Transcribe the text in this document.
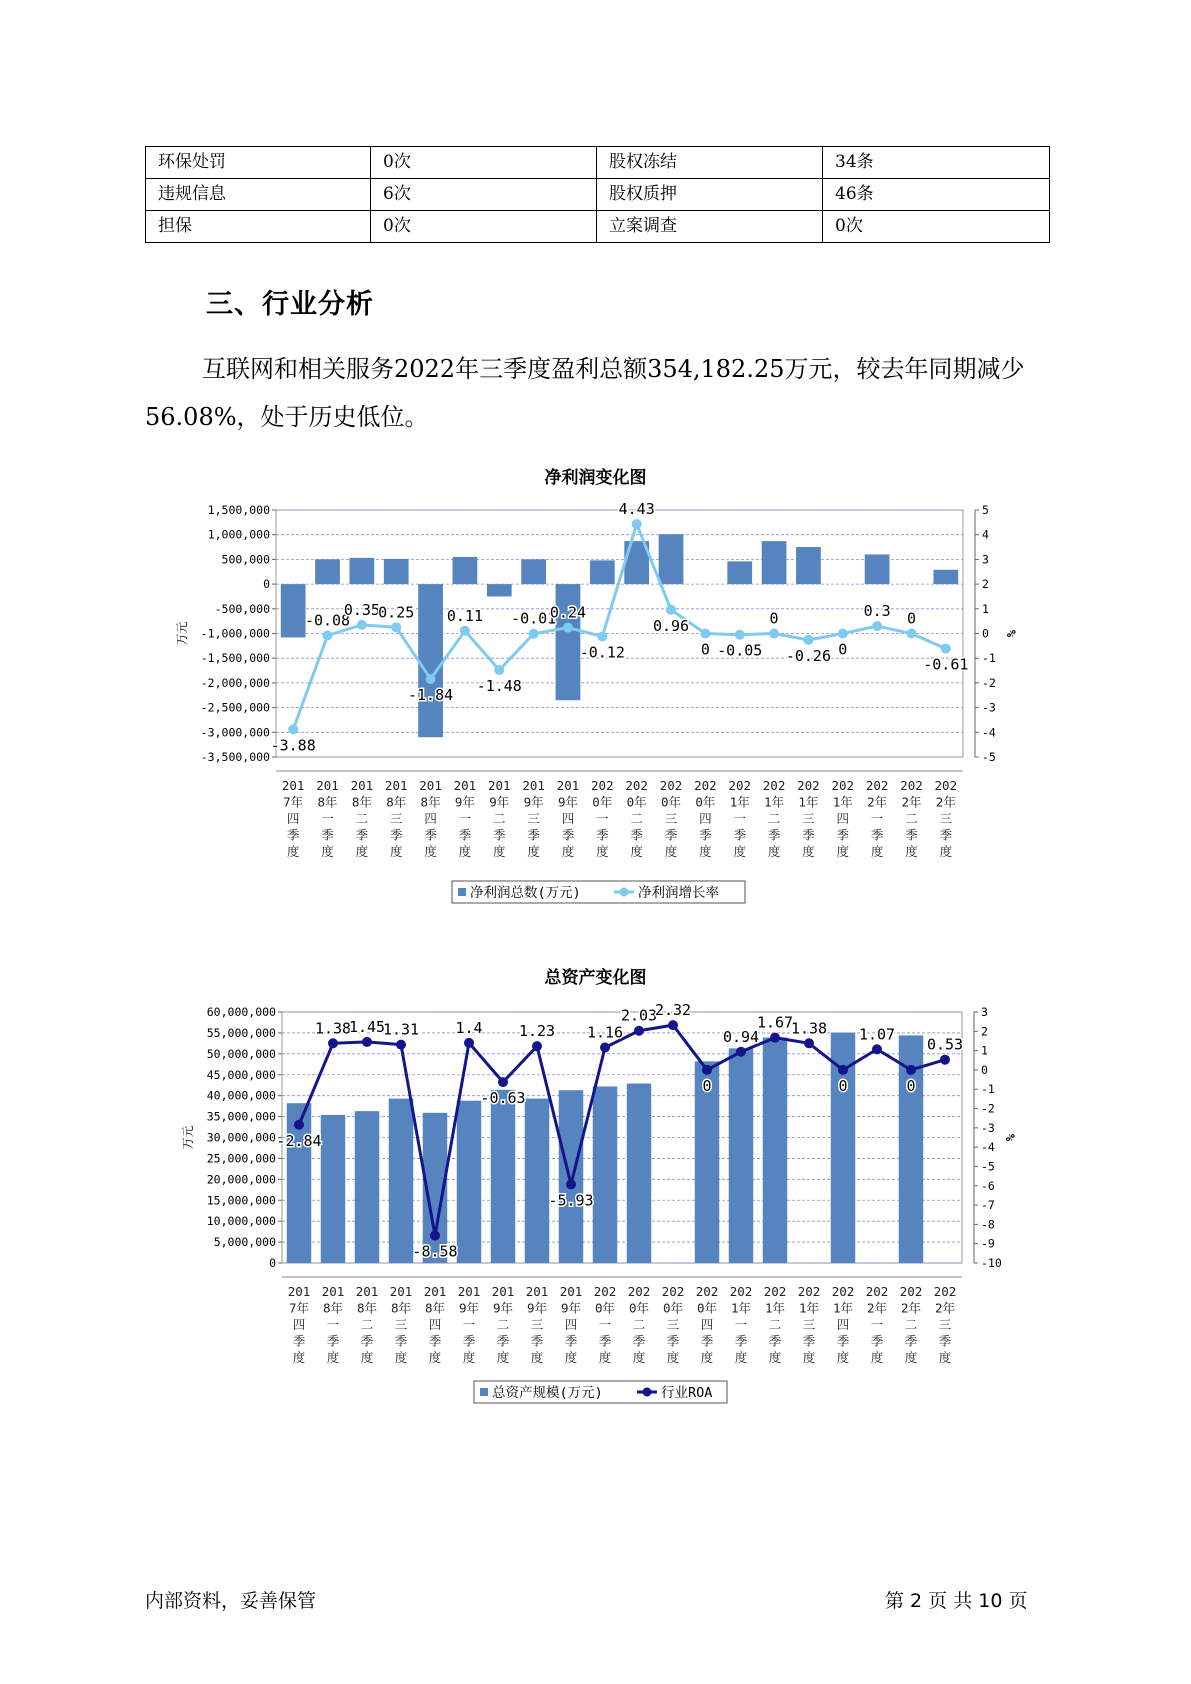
环保处罚	0次	股权冻结	34条
违规信息	6次	股权质押	46条
担保	0次	立案调查	0次
三、行业分析

互联网和相关服务2022年三季度盈利总额354,182.25万元，较去年同期减少56.08%，处于历史低位。

净利润变化图
1,500,000
1,000,000
500,000
0
-500,000
-1,000,000
-1,500,000
-2,000,000
-2,500,000
-3,000,000
-3,500,000
5
4
3
2
1
0
-1
-2
-3
-4
-5
万元	%
-3.88
-0.08
0.35
0.25
-1.84
0.11
-1.48
-0.01
0.24
-0.12
4.43
0.96
0 -0.05
0
-0.26 0
0.3 0
-0.61
201 7年四季度
201 8年一季度
201 8年二季度
201 8年三季度
201 8年四季度
201 9年一季度
201 9年二季度
201 9年三季度
201 9年四季度
202 0年一季度
202 0年二季度
202 0年三季度
202 0年四季度
202 1年一季度
202 1年二季度
202 1年三季度
202 1年四季度
202 2年一季度
202 2年二季度
202 2年三季度
净利润总数(万元)	净利润增长率
总资产变化图
60,000,000
55,000,000
50,000,000
45,000,000
40,000,000
35,000,000
30,000,000
25,000,000
20,000,000
15,000,000
10,000,000
5,000,000
0
3
2
1
0
-1
-2
-3
-4
-5
-6
-7
-8
-9
-10
万元	%
-2.84
1.38
1.45
1.31
-8.58
1.4
-0.63
1.23
-5.93
1.16
2.03
2.32
0
0.94
1.67
1.38
0
1.07
0
0.53
201 7年四季度
201 8年一季度
201 8年二季度
201 8年三季度
201 8年四季度
201 9年一季度
201 9年二季度
201 9年三季度
201 9年四季度
202 0年一季度
202 0年二季度
202 0年三季度
202 0年四季度
202 1年一季度
202 1年二季度
202 1年三季度
202 1年四季度
202 2年一季度
202 2年二季度
202 2年三季度
总资产规模(万元)	行业ROA
内部资料，妥善保管	第 2 页 共 10 页
